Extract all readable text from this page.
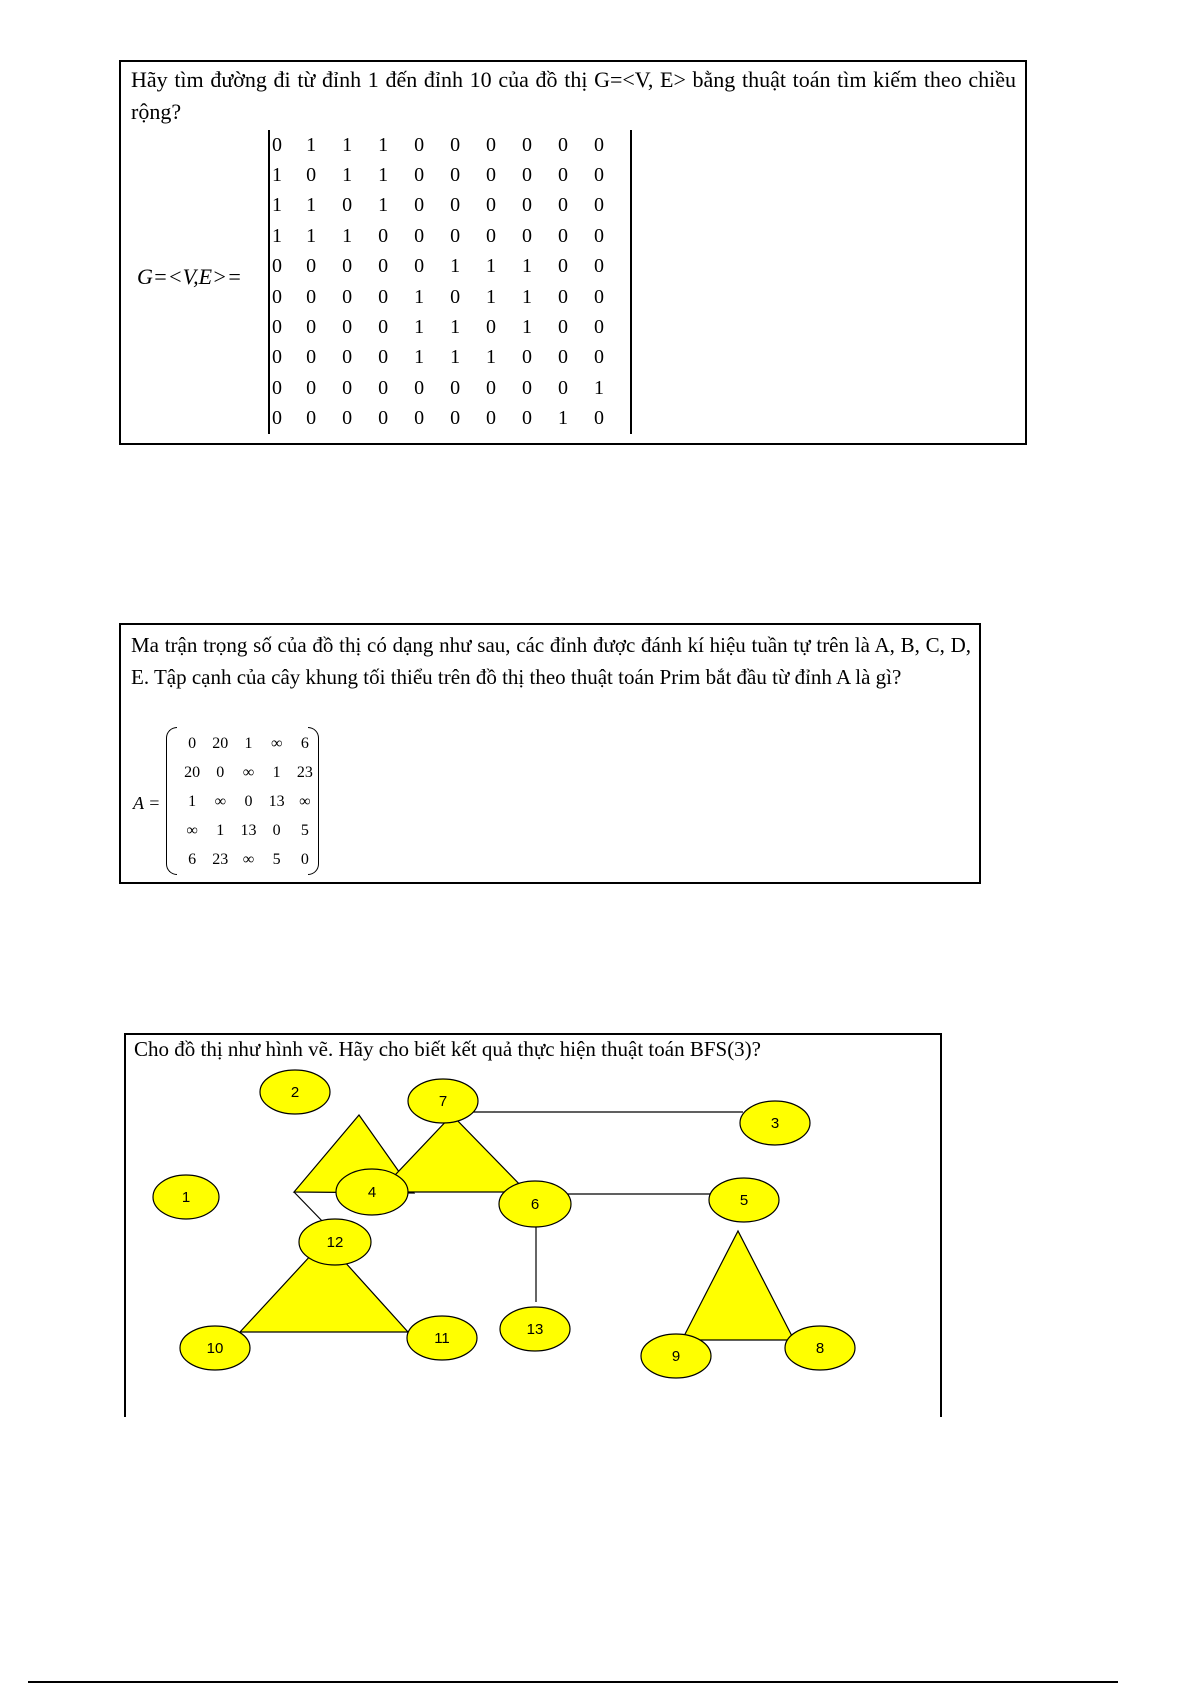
Hãy tìm đường đi từ đỉnh 1 đến đỉnh 10 của đồ thị G=<V, E> bằng thuật toán tìm kiếm theo chiều rộng?
G=<V,E>=
0	1	1	1	0	0	0	0	0	0
1	0	1	1	0	0	0	0	0	0
1	1	0	1	0	0	0	0	0	0
1	1	1	0	0	0	0	0	0	0
0	0	0	0	0	1	1	1	0	0
0	0	0	0	1	0	1	1	0	0
0	0	0	0	1	1	0	1	0	0
0	0	0	0	1	1	1	0	0	0
0	0	0	0	0	0	0	0	0	1
0	0	0	0	0	0	0	0	1	0
Ma trận trọng số của đồ thị có dạng như sau, các đỉnh được đánh kí hiệu tuần tự trên là A, B, C, D, E. Tập cạnh của cây khung tối thiểu trên đồ thị theo thuật toán Prim bắt đầu từ đỉnh A là gì?
A =
0	20	1	∞	6
20	0	∞	1	23
1	∞	0	13	∞
∞	1	13	0	5
6	23	∞	5	0
Cho đồ thị như hình vẽ. Hãy cho biết kết quả thực hiện thuật toán BFS(3)?
2
7
3
1	4
6	5
12
10
11
13
9	8
